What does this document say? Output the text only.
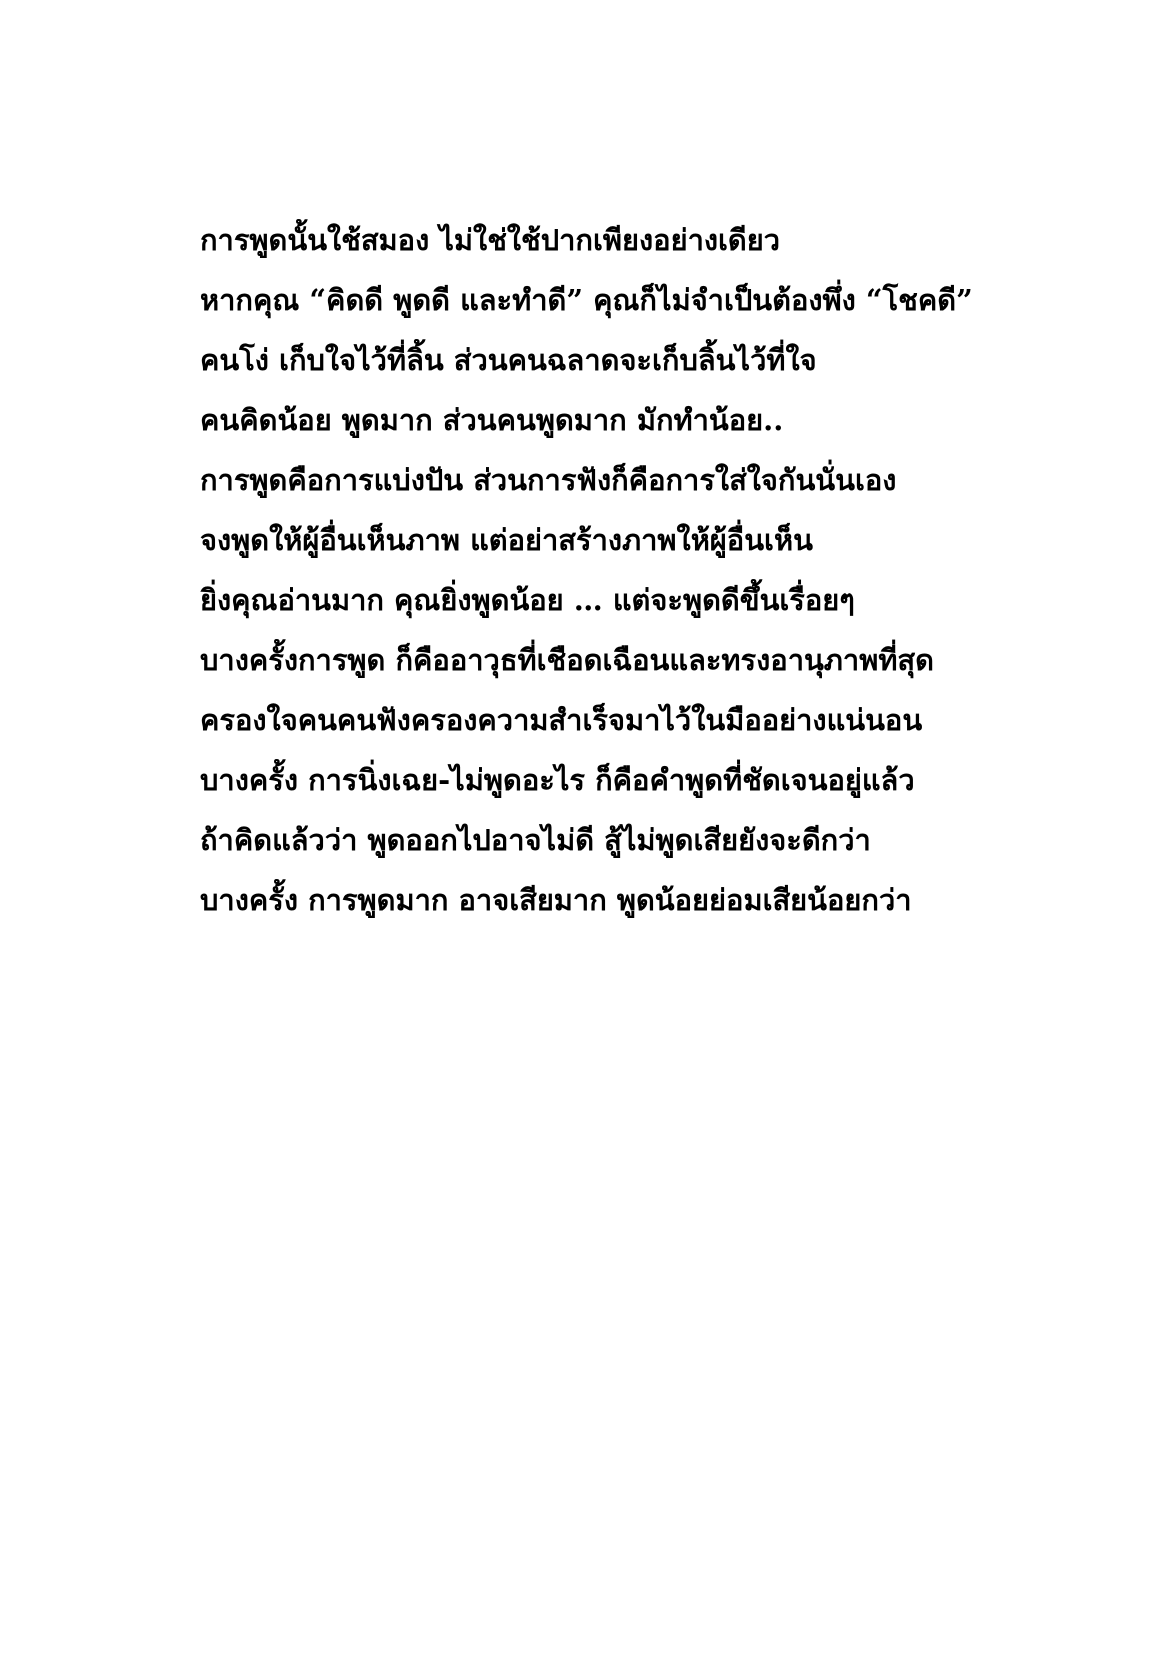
การพูดนั้นใช้สมอง ไม่ใช่ใช้ปากเพียงอย่างเดียว
หากคุณ “คิดดี พูดดี และทำดี” คุณก็ไม่จำเป็นต้องพึ่ง “โชคดี”
คนโง่ เก็บใจไว้ที่ลิ้น ส่วนคนฉลาดจะเก็บลิ้นไว้ที่ใจ
คนคิดน้อย พูดมาก ส่วนคนพูดมาก มักทำน้อย..
การพูดคือการแบ่งปัน ส่วนการฟังก็คือการใส่ใจกันนั่นเอง
จงพูดให้ผู้อื่นเห็นภาพ แต่อย่าสร้างภาพให้ผู้อื่นเห็น
ยิ่งคุณอ่านมาก คุณยิ่งพูดน้อย … แต่จะพูดดีขึ้นเรื่อยๆ
บางครั้งการพูด ก็คืออาวุธที่เชือดเฉือนและทรงอานุภาพที่สุด
ครองใจคนคนฟังครองความสำเร็จมาไว้ในมืออย่างแน่นอน
บางครั้ง การนิ่งเฉย-ไม่พูดอะไร ก็คือคำพูดที่ชัดเจนอยู่แล้ว
ถ้าคิดแล้วว่า พูดออกไปอาจไม่ดี สู้ไม่พูดเสียยังจะดีกว่า
บางครั้ง การพูดมาก อาจเสียมาก พูดน้อยย่อมเสียน้อยกว่า
